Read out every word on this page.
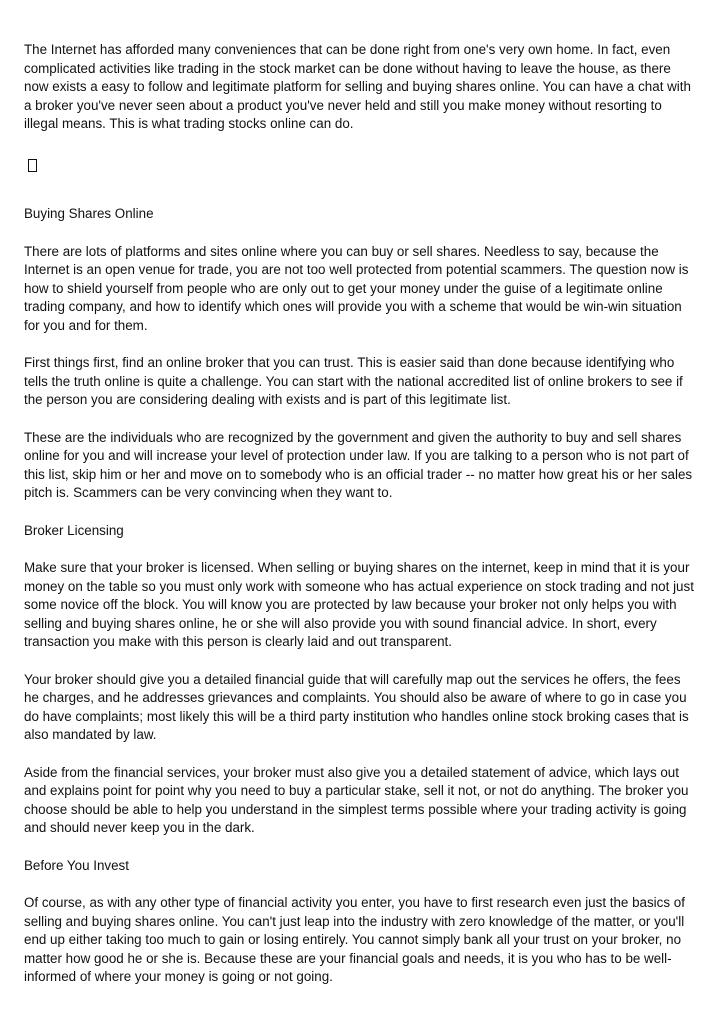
The Internet has afforded many conveniences that can be done right from one's very own home. In fact, even complicated activities like trading in the stock market can be done without having to leave the house, as there now exists a easy to follow and legitimate platform for selling and buying shares online. You can have a chat with a broker you've never seen about a product you've never held and still you make money without resorting to illegal means. This is what trading stocks online can do.

Buying Shares Online

There are lots of platforms and sites online where you can buy or sell shares. Needless to say, because the Internet is an open venue for trade, you are not too well protected from potential scammers. The question now is how to shield yourself from people who are only out to get your money under the guise of a legitimate online trading company, and how to identify which ones will provide you with a scheme that would be win-win situation for you and for them.

First things first, find an online broker that you can trust. This is easier said than done because identifying who tells the truth online is quite a challenge. You can start with the national accredited list of online brokers to see if the person you are considering dealing with exists and is part of this legitimate list.

These are the individuals who are recognized by the government and given the authority to buy and sell shares online for you and will increase your level of protection under law. If you are talking to a person who is not part of this list, skip him or her and move on to somebody who is an official trader -- no matter how great his or her sales pitch is. Scammers can be very convincing when they want to.

Broker Licensing

Make sure that your broker is licensed. When selling or buying shares on the internet, keep in mind that it is your money on the table so you must only work with someone who has actual experience on stock trading and not just some novice off the block. You will know you are protected by law because your broker not only helps you with selling and buying shares online, he or she will also provide you with sound financial advice. In short, every transaction you make with this person is clearly laid and out transparent.

Your broker should give you a detailed financial guide that will carefully map out the services he offers, the fees he charges, and he addresses grievances and complaints. You should also be aware of where to go in case you do have complaints; most likely this will be a third party institution who handles online stock broking cases that is also mandated by law.

Aside from the financial services, your broker must also give you a detailed statement of advice, which lays out and explains point for point why you need to buy a particular stake, sell it not, or not do anything. The broker you choose should be able to help you understand in the simplest terms possible where your trading activity is going and should never keep you in the dark.

Before You Invest

Of course, as with any other type of financial activity you enter, you have to first research even just the basics of selling and buying shares online. You can't just leap into the industry with zero knowledge of the matter, or you'll end up either taking too much to gain or losing entirely. You cannot simply bank all your trust on your broker, no matter how good he or she is. Because these are your financial goals and needs, it is you who has to be well-informed of where your money is going or not going.
